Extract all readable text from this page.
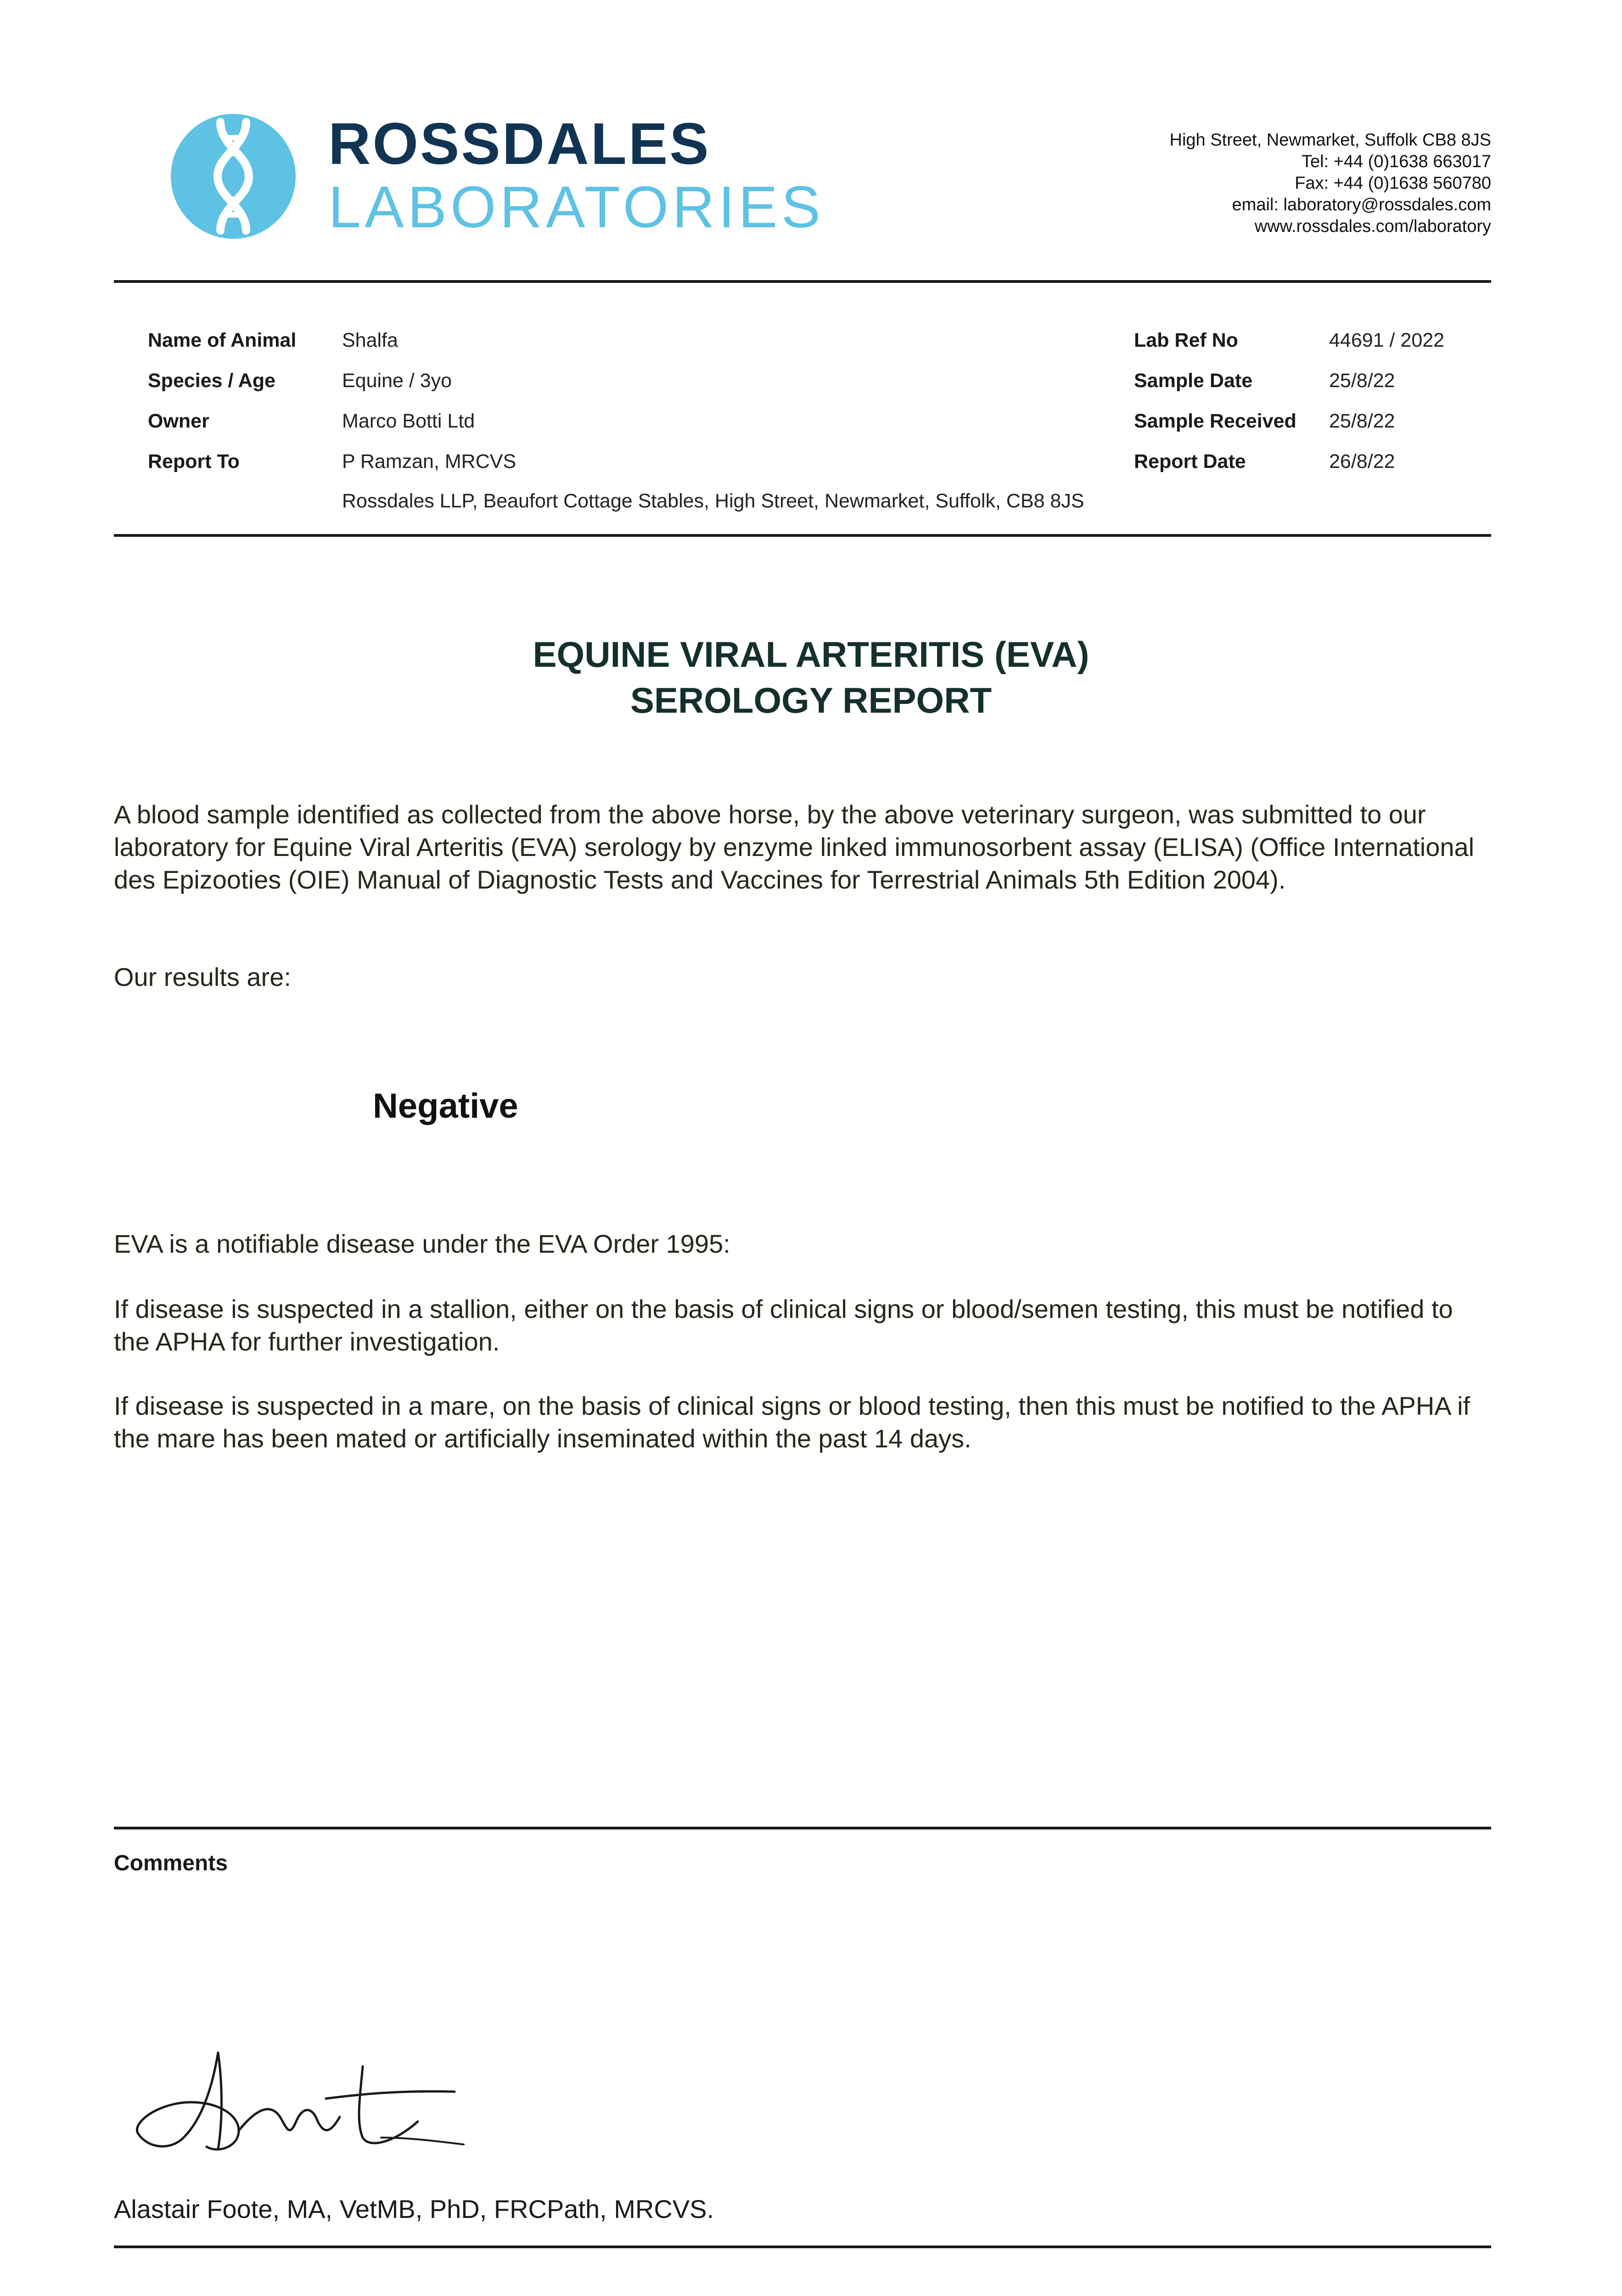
ROSSDALES
LABORATORIES
High Street, Newmarket, Suffolk CB8 8JS
Tel: +44 (0)1638 663017
Fax: +44 (0)1638 560780
email: laboratory@rossdales.com
www.rossdales.com/laboratory
Name of Animal Shalfa
Species / Age	Equine / 3yo
Owner	Marco Botti Ltd
Report To	P Ramzan, MRCVS
Rossdales LLP, Beaufort Cottage Stables, High Street, Newmarket, Suffolk, CB8 8JS
Lab Ref No	44691 / 2022
Sample Date	25/8/22
Sample Received 25/8/22
Report Date	26/8/22
EQUINE VIRAL ARTERITIS (EVA)
SEROLOGY REPORT
A blood sample identified as collected from the above horse, by the above veterinary surgeon, was submitted to our laboratory for Equine Viral Arteritis (EVA) serology by enzyme linked immunosorbent assay (ELISA) (Office International des Epizooties (OIE) Manual of Diagnostic Tests and Vaccines for Terrestrial Animals 5th Edition 2004).
Our results are:
Negative
EVA is a notifiable disease under the EVA Order 1995:
If disease is suspected in a stallion, either on the basis of clinical signs or blood/semen testing, this must be notified to the APHA for further investigation.
If disease is suspected in a mare, on the basis of clinical signs or blood testing, then this must be notified to the APHA if the mare has been mated or artificially inseminated within the past 14 days.
Comments
Alastair Foote, MA, VetMB, PhD, FRCPath, MRCVS.
